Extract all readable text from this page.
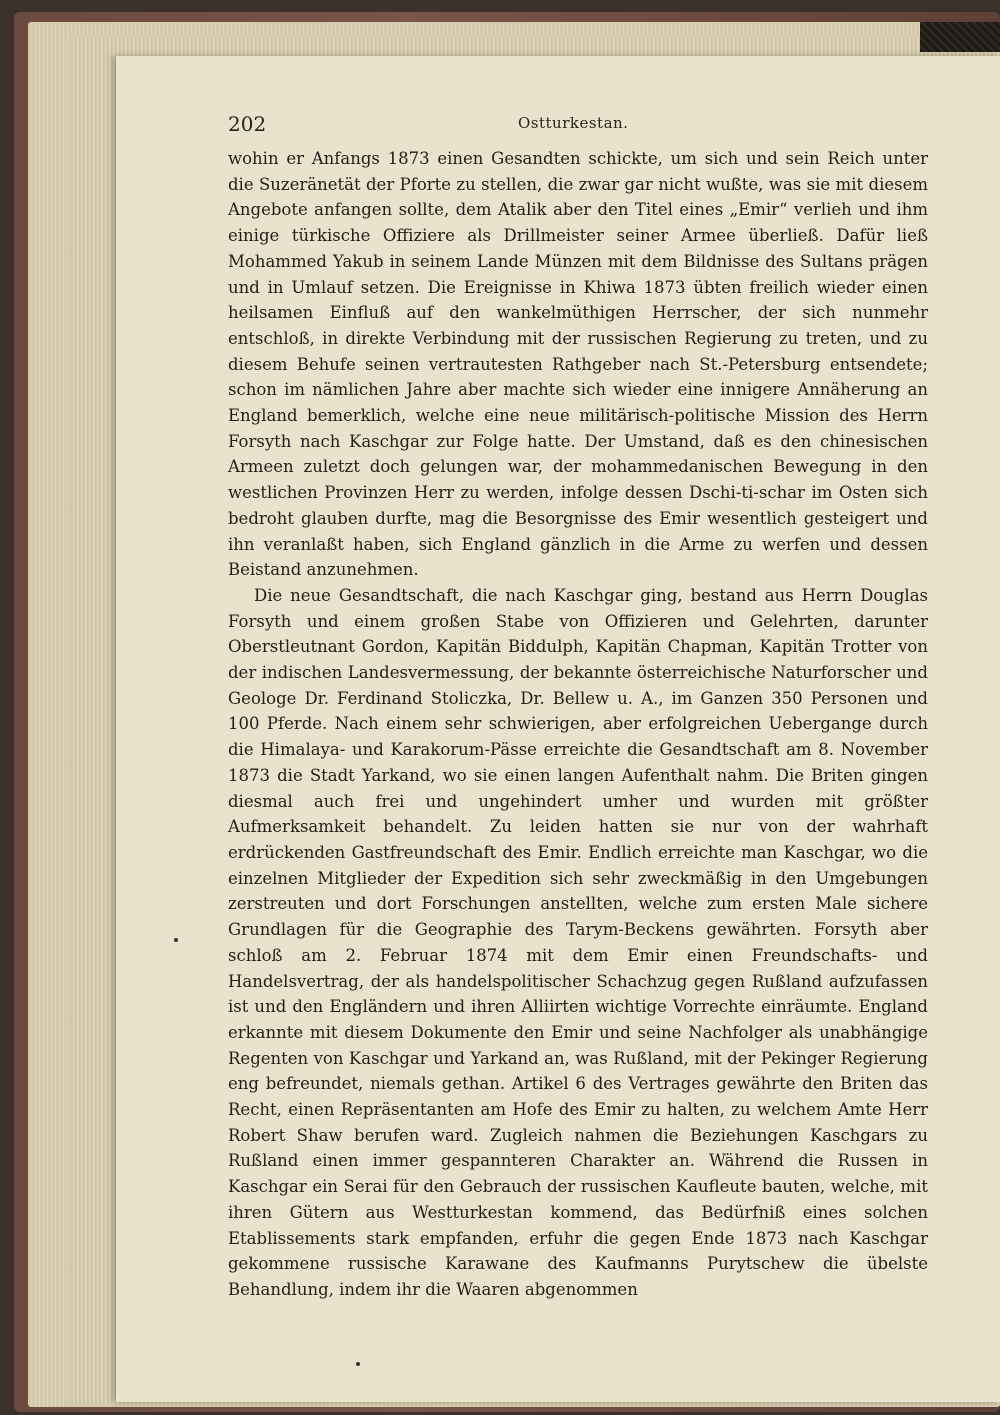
202	Ostturkestan.

wohin er Anfangs 1873 einen Gesandten schickte, um sich und sein Reich unter die Suzeränetät der Pforte zu stellen, die zwar gar nicht wußte, was sie mit diesem Angebote anfangen sollte, dem Atalik aber den Titel eines „Emir“ verlieh und ihm einige türkische Offiziere als Drillmeister seiner Armee überließ. Dafür ließ Mohammed Yakub in seinem Lande Münzen mit dem Bildnisse des Sultans prägen und in Umlauf setzen. Die Ereignisse in Khiwa 1873 übten freilich wieder einen heilsamen Einfluß auf den wankelmüthigen Herrscher, der sich nunmehr entschloß, in direkte Verbindung mit der russischen Regierung zu treten, und zu diesem Behufe seinen vertrautesten Rathgeber nach St.-Petersburg entsendete; schon im nämlichen Jahre aber machte sich wieder eine innigere Annäherung an England bemerklich, welche eine neue militärisch-politische Mission des Herrn Forsyth nach Kaschgar zur Folge hatte. Der Umstand, daß es den chinesischen Armeen zuletzt doch gelungen war, der mohammedanischen Bewegung in den westlichen Provinzen Herr zu werden, infolge dessen Dschi-ti-schar im Osten sich bedroht glauben durfte, mag die Besorgnisse des Emir wesentlich gesteigert und ihn veranlaßt haben, sich England gänzlich in die Arme zu werfen und dessen Beistand anzunehmen.

Die neue Gesandtschaft, die nach Kaschgar ging, bestand aus Herrn Douglas Forsyth und einem großen Stabe von Offizieren und Gelehrten, darunter Oberstleutnant Gordon, Kapitän Biddulph, Kapitän Chapman, Kapitän Trotter von der indischen Landesvermessung, der bekannte österreichische Naturforscher und Geologe Dr. Ferdinand Stoliczka, Dr. Bellew u. A., im Ganzen 350 Personen und 100 Pferde. Nach einem sehr schwierigen, aber erfolgreichen Uebergange durch die Himalaya- und Karakorum-Pässe erreichte die Gesandtschaft am 8. November 1873 die Stadt Yarkand, wo sie einen langen Aufenthalt nahm. Die Briten gingen diesmal auch frei und ungehindert umher und wurden mit größter Aufmerksamkeit behandelt. Zu leiden hatten sie nur von der wahrhaft erdrückenden Gastfreundschaft des Emir. Endlich erreichte man Kaschgar, wo die einzelnen Mitglieder der Expedition sich sehr zweckmäßig in den Umgebungen zerstreuten und dort Forschungen anstellten, welche zum ersten Male sichere Grundlagen für die Geographie des Tarym-Beckens gewährten. Forsyth aber schloß am 2. Februar 1874 mit dem Emir einen Freundschafts- und Handelsvertrag, der als handelspolitischer Schachzug gegen Rußland aufzufassen ist und den Engländern und ihren Alliirten wichtige Vorrechte einräumte. England erkannte mit diesem Dokumente den Emir und seine Nachfolger als unabhängige Regenten von Kaschgar und Yarkand an, was Rußland, mit der Pekinger Regierung eng befreundet, niemals gethan. Artikel 6 des Vertrages gewährte den Briten das Recht, einen Repräsentanten am Hofe des Emir zu halten, zu welchem Amte Herr Robert Shaw berufen ward. Zugleich nahmen die Beziehungen Kaschgars zu Rußland einen immer gespannteren Charakter an. Während die Russen in Kaschgar ein Serai für den Gebrauch der russischen Kaufleute bauten, welche, mit ihren Gütern aus Westturkestan kommend, das Bedürfniß eines solchen Etablissements stark empfanden, erfuhr die gegen Ende 1873 nach Kaschgar gekommene russische Karawane des Kaufmanns Purytschew die übelste Behandlung, indem ihr die Waaren abgenommen
